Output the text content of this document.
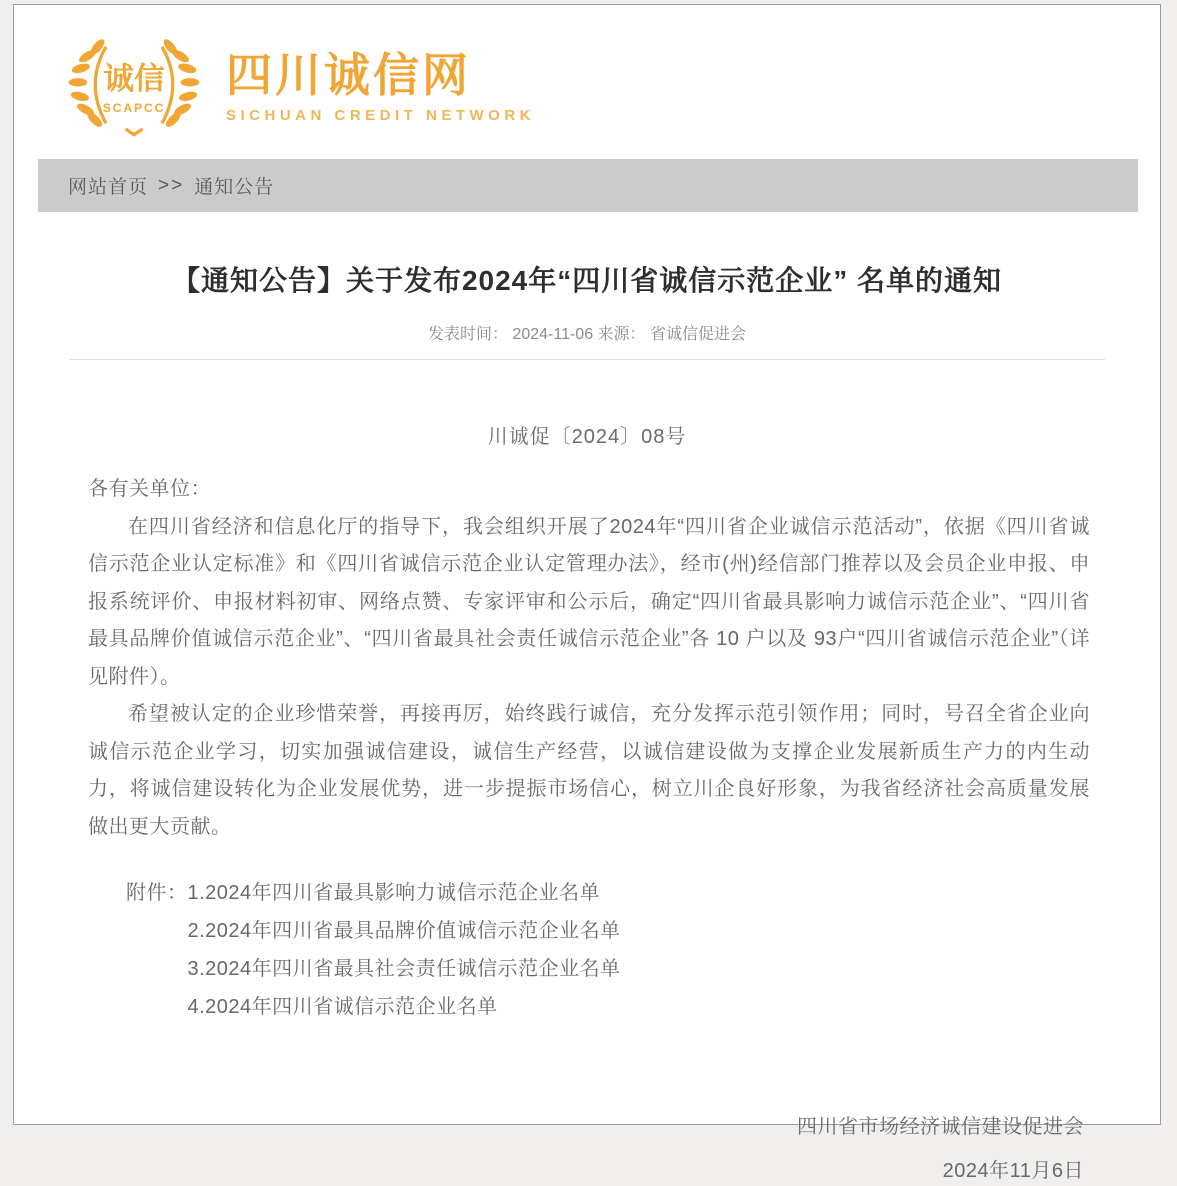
诚信
SCAPCC
四川诚信网
SICHUAN CREDIT NETWORK
网站首页 >> 通知公告
【通知公告】关于发布2024年“四川省诚信示范企业” 名单的通知
发表时间： 2024-11-06 来源： 省诚信促进会
川诚促〔2024〕08号

各有关单位：

在四川省经济和信息化厅的指导下，我会组织开展了2024年“四川省企业诚信示范活动”，依据《四川省诚信示范企业认定标准》和《四川省诚信示范企业认定管理办法》，经市(州)经信部门推荐以及会员企业申报、申报系统评价、申报材料初审、网络点赞、专家评审和公示后，确定“四川省最具影响力诚信示范企业”、“四川省最具品牌价值诚信示范企业”、“四川省最具社会责任诚信示范企业”各 10 户以及 93户“四川省诚信示范企业”（详见附件）。

希望被认定的企业珍惜荣誉，再接再厉，始终践行诚信，充分发挥示范引领作用；同时，号召全省企业向诚信示范企业学习，切实加强诚信建设，诚信生产经营，以诚信建设做为支撑企业发展新质生产力的内生动力，将诚信建设转化为企业发展优势，进一步提振市场信心，树立川企良好形象，为我省经济社会高质量发展做出更大贡献。

附件： 1.2024年四川省最具影响力诚信示范企业名单
2.2024年四川省最具品牌价值诚信示范企业名单
3.2024年四川省最具社会责任诚信示范企业名单
4.2024年四川省诚信示范企业名单
四川省市场经济诚信建设促进会
2024年11月6日
